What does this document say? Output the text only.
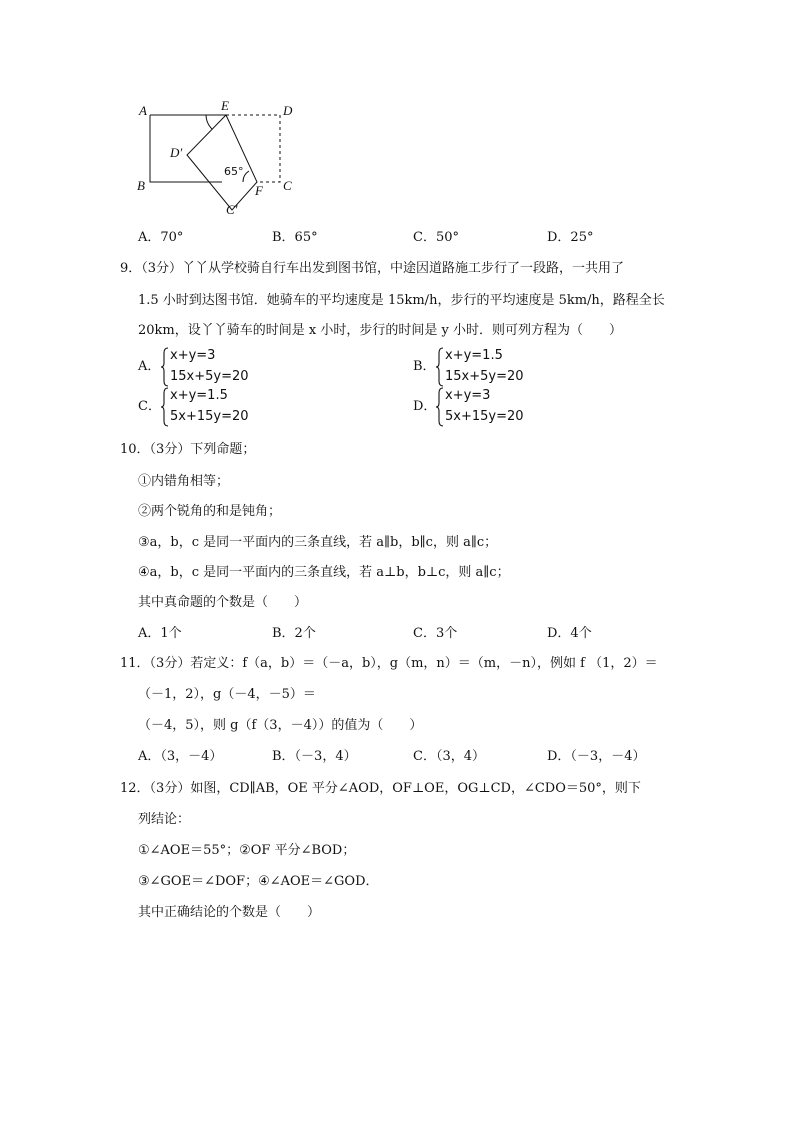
A	E	D
D′
B	C
F
C′
65°
A．70°	B．65°	C．50°	D．25°
9．（3分）丫丫从学校骑自行车出发到图书馆，中途因道路施工步行了一段路，一共用了
1.5 小时到达图书馆．她骑车的平均速度是 15km/h，步行的平均速度是 5km/h，路程全长
20km，设丫丫骑车的时间是 x 小时，步行的时间是 y 小时．则可列方程为（　　）
A．
x+y=3
15x+5y=20
B．
x+y=1.5
15x+5y=20
C．
x+y=1.5
5x+15y=20
D．
x+y=3
5x+15y=20
10．（3分）下列命题；
①内错角相等；
②两个锐角的和是钝角；
③a，b，c 是同一平面内的三条直线，若 a∥b，b∥c，则 a∥c；
④a，b，c 是同一平面内的三条直线，若 a⊥b，b⊥c，则 a∥c；
其中真命题的个数是（　　）
A．1个	B．2个	C．3个	D．4个
11．（3分）若定义：f（a，b）＝（－a，b），g（m，n）＝（m，－n），例如 f （1，2）＝
（－1，2），g（－4，－5）＝
（－4，5），则 g（f（3，－4））的值为（　　）
A．（3，－4）	B．（－3，4）	C．（3，4）	D．（－3，－4）
12．（3分）如图，CD∥AB，OE 平分∠AOD，OF⊥OE，OG⊥CD，∠CDO＝50°，则下
列结论：
①∠AOE＝55°；②OF 平分∠BOD；
③∠GOE＝∠DOF；④∠AOE＝∠GOD．
其中正确结论的个数是（　　）
